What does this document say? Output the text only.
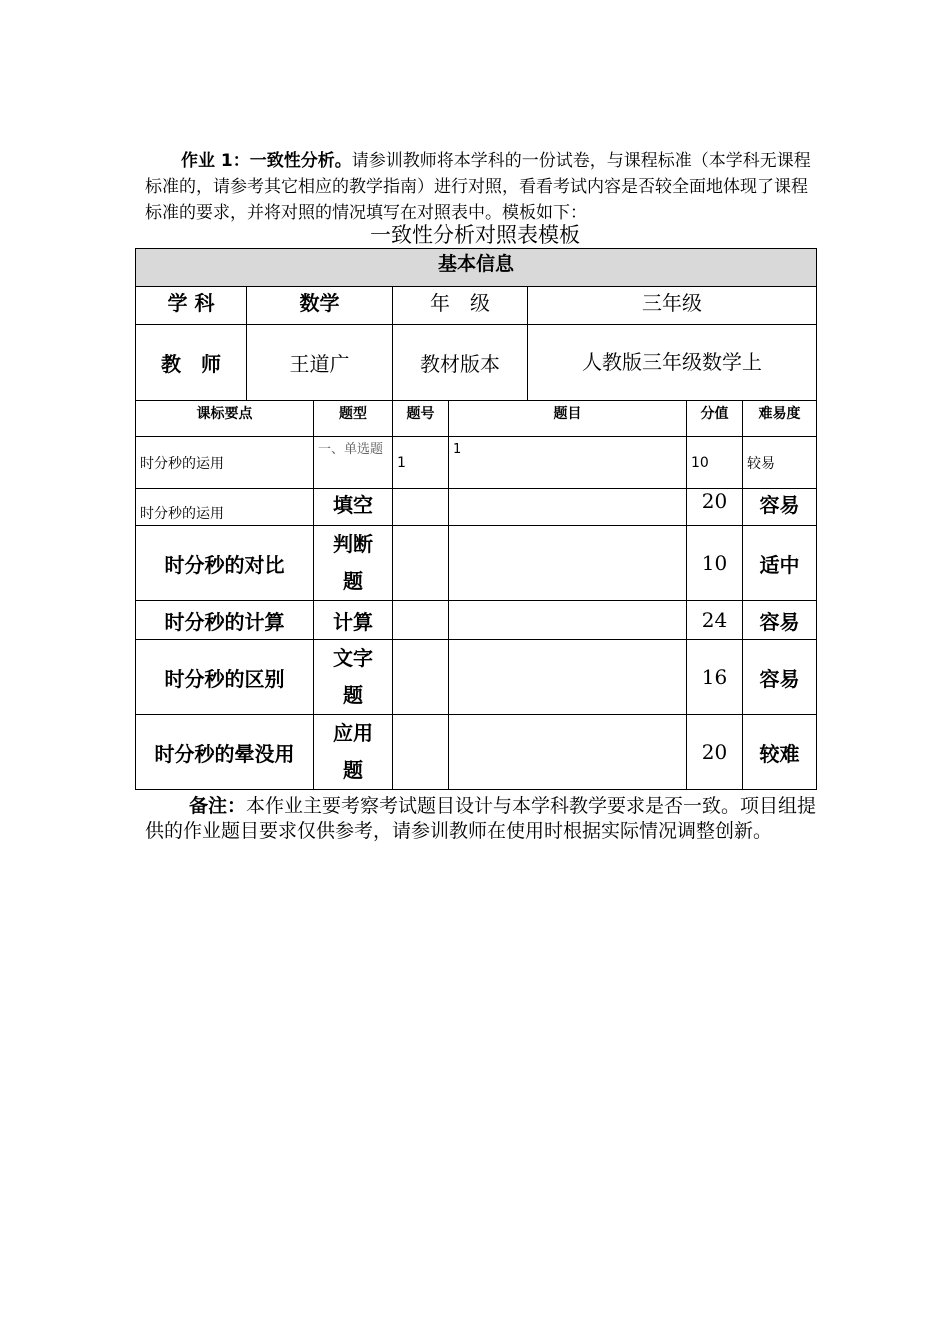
作业 1：一致性分析。请参训教师将本学科的一份试卷，与课程标准（本学科无课程标准的，请参考其它相应的教学指南）进行对照，看看考试内容是否较全面地体现了课程标准的要求，并将对照的情况填写在对照表中。模板如下：

一致性分析对照表模板
基本信息							
学 科	数学		年　级		三年级		
教　师	王道广		教材版本		人教版三年级数学上		
课标要点		题型	题号	题目		分值	难易度
时分秒的运用		一、单选题	1	1		10	较易
时分秒的运用		填空				20	容易
时分秒的对比		判断题				10	适中
时分秒的计算		计算				24	容易
时分秒的区别		文字题				16	容易
时分秒的晕没用		应用题				20	较难

备注：本作业主要考察考试题目设计与本学科教学要求是否一致。项目组提供的作业题目要求仅供参考，请参训教师在使用时根据实际情况调整创新。
